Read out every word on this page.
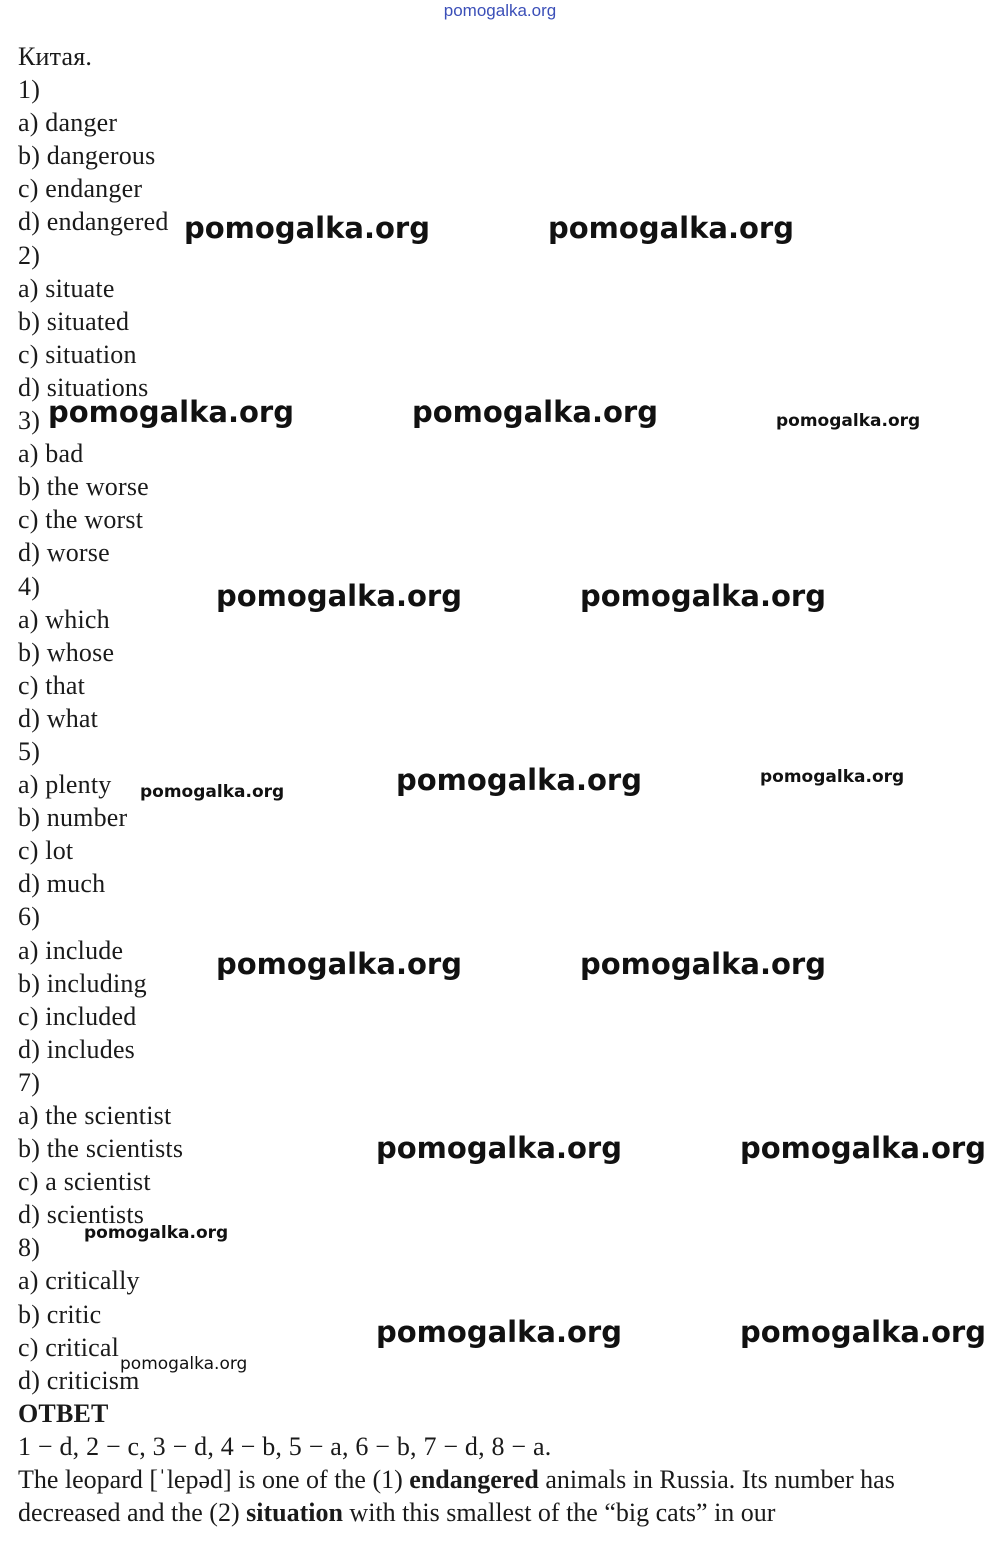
pomogalka.org
Китая.
1)
a) danger
b) dangerous
c) endanger
d) endangered
2)
a) situate
b) situated
c) situation
d) situations
3)
a) bad
b) the worse
c) the worst
d) worse
4)
a) which
b) whose
c) that
d) what
5)
a) plenty
b) number
c) lot
d) much
6)
a) include
b) including
c) included
d) includes
7)
a) the scientist
b) the scientists
c) a scientist
d) scientists
8)
a) critically
b) critic
c) critical
d) criticism
ОТВЕТ
1 − d, 2 − c, 3 − d, 4 − b, 5 − a, 6 − b, 7 − d, 8 − a.
The leopard [ˈlepəd] is one of the (1) endangered animals in Russia. Its number has decreased and the (2) situation with this smallest of the “big cats” in our
pomogalka.org	pomogalka.org
pomogalka.org	pomogalka.org	pomogalka.org
pomogalka.org	pomogalka.org
pomogalka.org	pomogalka.org	pomogalka.org
pomogalka.org	pomogalka.org
pomogalka.org	pomogalka.org
pomogalka.org
pomogalka.org	pomogalka.org
pomogalka.org
